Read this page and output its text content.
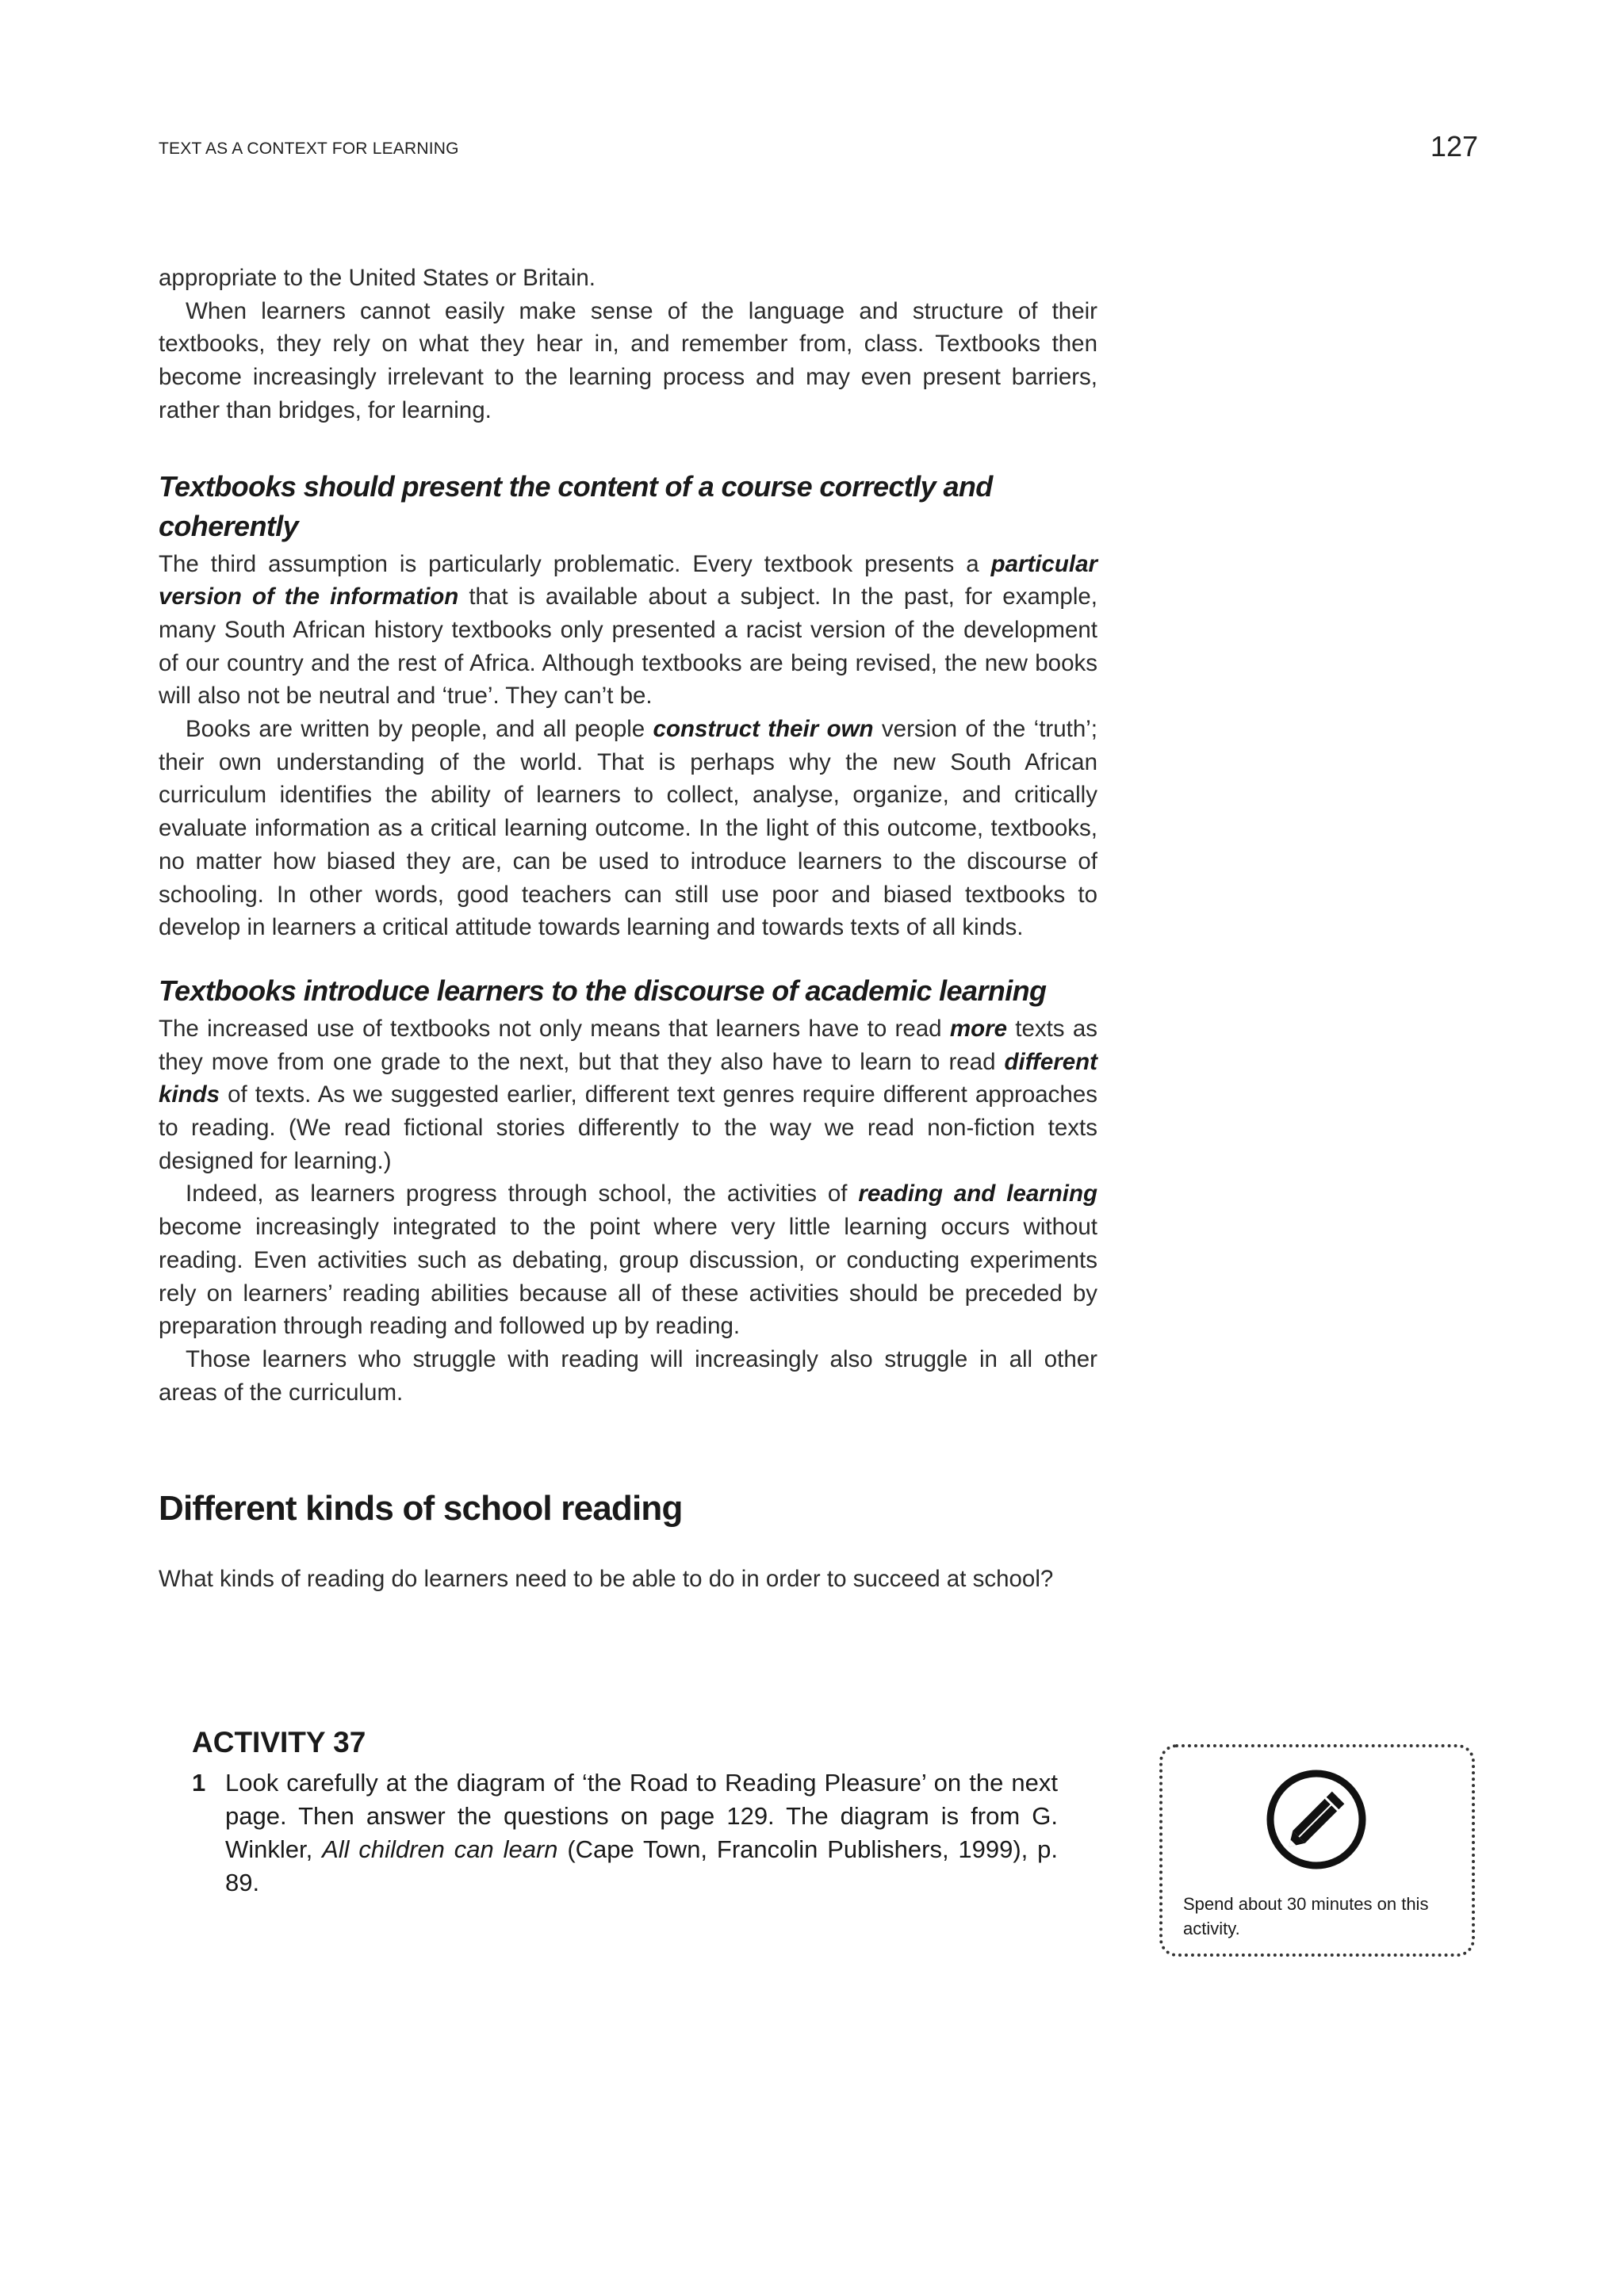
TEXT AS A CONTEXT FOR LEARNING	127

appropriate to the United States or Britain.

When learners cannot easily make sense of the language and structure of their textbooks, they rely on what they hear in, and remember from, class. Textbooks then become increasingly irrelevant to the learning process and may even present barriers, rather than bridges, for learning.

Textbooks should present the content of a course correctly and coherently

The third assumption is particularly problematic. Every textbook presents a particular version of the information that is available about a subject. In the past, for example, many South African history textbooks only presented a racist version of the development of our country and the rest of Africa. Although textbooks are being revised, the new books will also not be neutral and ‘true’. They can’t be.

Books are written by people, and all people construct their own version of the ‘truth’; their own understanding of the world. That is perhaps why the new South African curriculum identifies the ability of learners to collect, analyse, organize, and critically evaluate information as a critical learning outcome. In the light of this outcome, textbooks, no matter how biased they are, can be used to introduce learners to the discourse of schooling. In other words, good teachers can still use poor and biased textbooks to develop in learners a critical attitude towards learning and towards texts of all kinds.

Textbooks introduce learners to the discourse of academic learning

The increased use of textbooks not only means that learners have to read more texts as they move from one grade to the next, but that they also have to learn to read different kinds of texts. As we suggested earlier, different text genres require different approaches to reading. (We read fictional stories differently to the way we read non-fiction texts designed for learning.)

Indeed, as learners progress through school, the activities of reading and learning become increasingly integrated to the point where very little learning occurs without reading. Even activities such as debating, group discussion, or conducting experiments rely on learners’ reading abilities because all of these activities should be preceded by preparation through reading and followed up by reading.

Those learners who struggle with reading will increasingly also struggle in all other areas of the curriculum.

Different kinds of school reading

What kinds of reading do learners need to be able to do in order to succeed at school?

ACTIVITY 37
1 Look carefully at the diagram of ‘the Road to Reading Pleasure’ on the next page. Then answer the questions on page 129. The diagram is from G. Winkler, All children can learn (Cape Town, Francolin Publishers, 1999), p. 89.
Spend about 30 minutes on this activity.
